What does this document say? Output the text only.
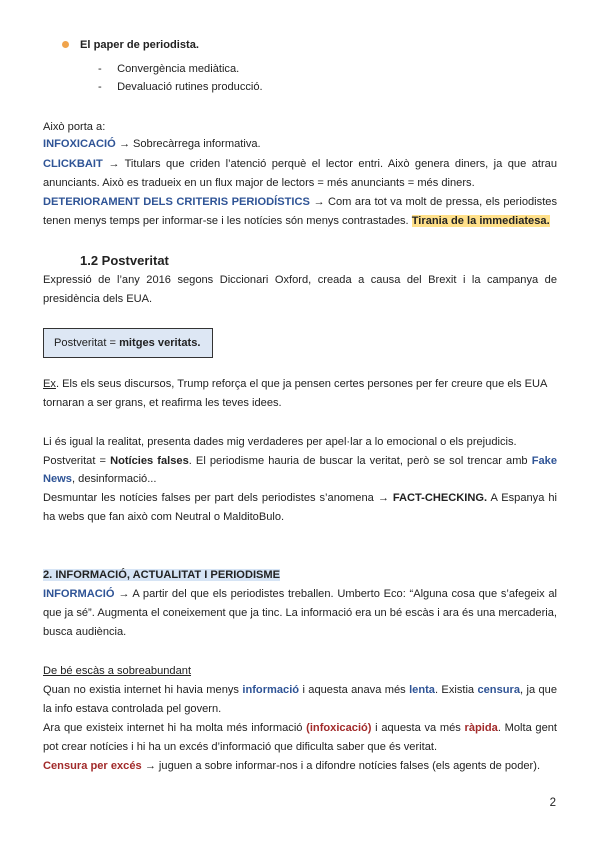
El paper de periodista.
-     Convergència mediàtica.
-     Devaluació rutines producció.
Això porta a:
INFOXICACIÓ → Sobrecàrrega informativa.
CLICKBAIT → Titulars que criden l’atenció perquè el lector entri. Això genera diners, ja que atrau
anunciants. Això es tradueix en un flux major de lectors = més anunciants = més diners.
DETERIORAMENT DELS CRITERIS PERIODÍSTICS → Com ara tot va molt de pressa, els periodistes
tenen menys temps per informar-se i les notícies són menys contrastades. Tirania de la immediatesa.
1.2 Postveritat
Expressió de l’any 2016 segons Diccionari Oxford, creada a causa del Brexit i la campanya de
presidència dels EUA.
Postveritat = mitges veritats.
Ex. Els els seus discursos, Trump reforça el que ja pensen certes persones per fer creure que els EUA
tornaran a ser grans, et reafirma les teves idees.
Li és igual la realitat, presenta dades mig verdaderes per apel·lar a lo emocional o els prejudicis.
Postveritat = Notícies falses. El periodisme hauria de buscar la veritat, però se sol trencar amb Fake
News, desinformació...
Desmuntar les notícies falses per part dels periodistes s’anomena → FACT-CHECKING. A Espanya hi
ha webs que fan això com Neutral o MalditoBulo.
2. INFORMACIÓ, ACTUALITAT I PERIODISME
INFORMACIÓ → A partir del que els periodistes treballen. Umberto Eco: “Alguna cosa que s’afegeix al
que ja sé”. Augmenta el coneixement que ja tinc. La informació era un bé escàs i ara és una mercaderia,
busca audiència.
De bé escàs a sobreabundant
Quan no existia internet hi havia menys informació i aquesta anava més lenta. Existia censura, ja que
la info estava controlada pel govern.
Ara que existeix internet hi ha molta més informació (infoxicació) i aquesta va més ràpida. Molta gent
pot crear notícies i hi ha un excés d’informació que dificulta saber que és veritat.
Censura per excés → juguen a sobre informar-nos i a difondre notícies falses (els agents de poder).
2
